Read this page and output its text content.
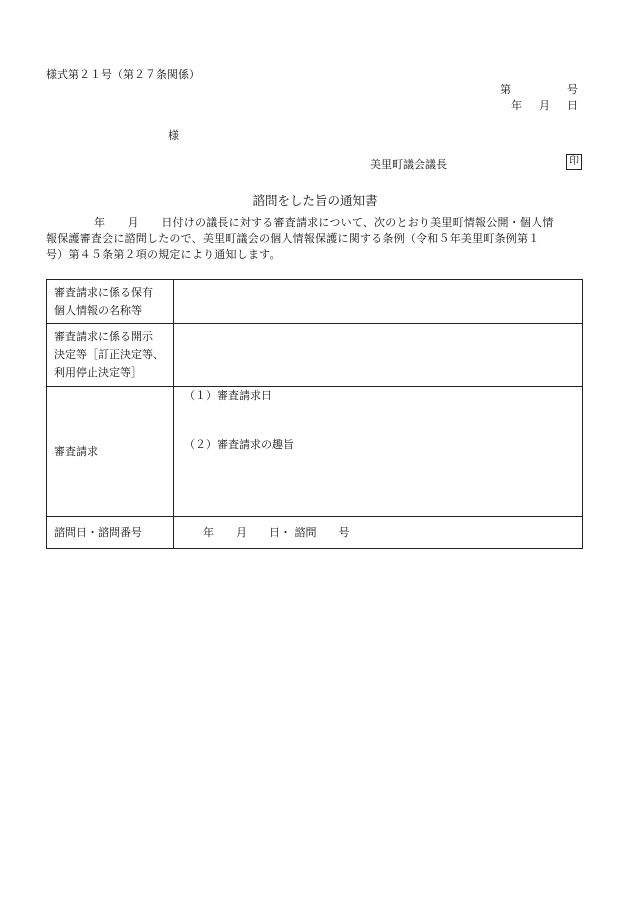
様式第２１号（第２７条関係）
第	号
年 月 日
様
美里町議会議長	印
諮問をした旨の通知書
年　　月　　日付けの議長に対する審査請求について、次のとおり美里町情報公開・個人情
報保護審査会に諮問したので、美里町議会の個人情報保護に関する条例（令和５年美里町条例第１
号）第４５条第２項の規定により通知します。
審査請求に係る保有
個人情報の名称等	

審査請求に係る開示
決定等［訂正決定等、
利用停止決定等］	

審査請求	（１）審査請求日
（２）審査請求の趣旨

諮問日・諮問番号	年　　月　　日・ 諮問　　号
